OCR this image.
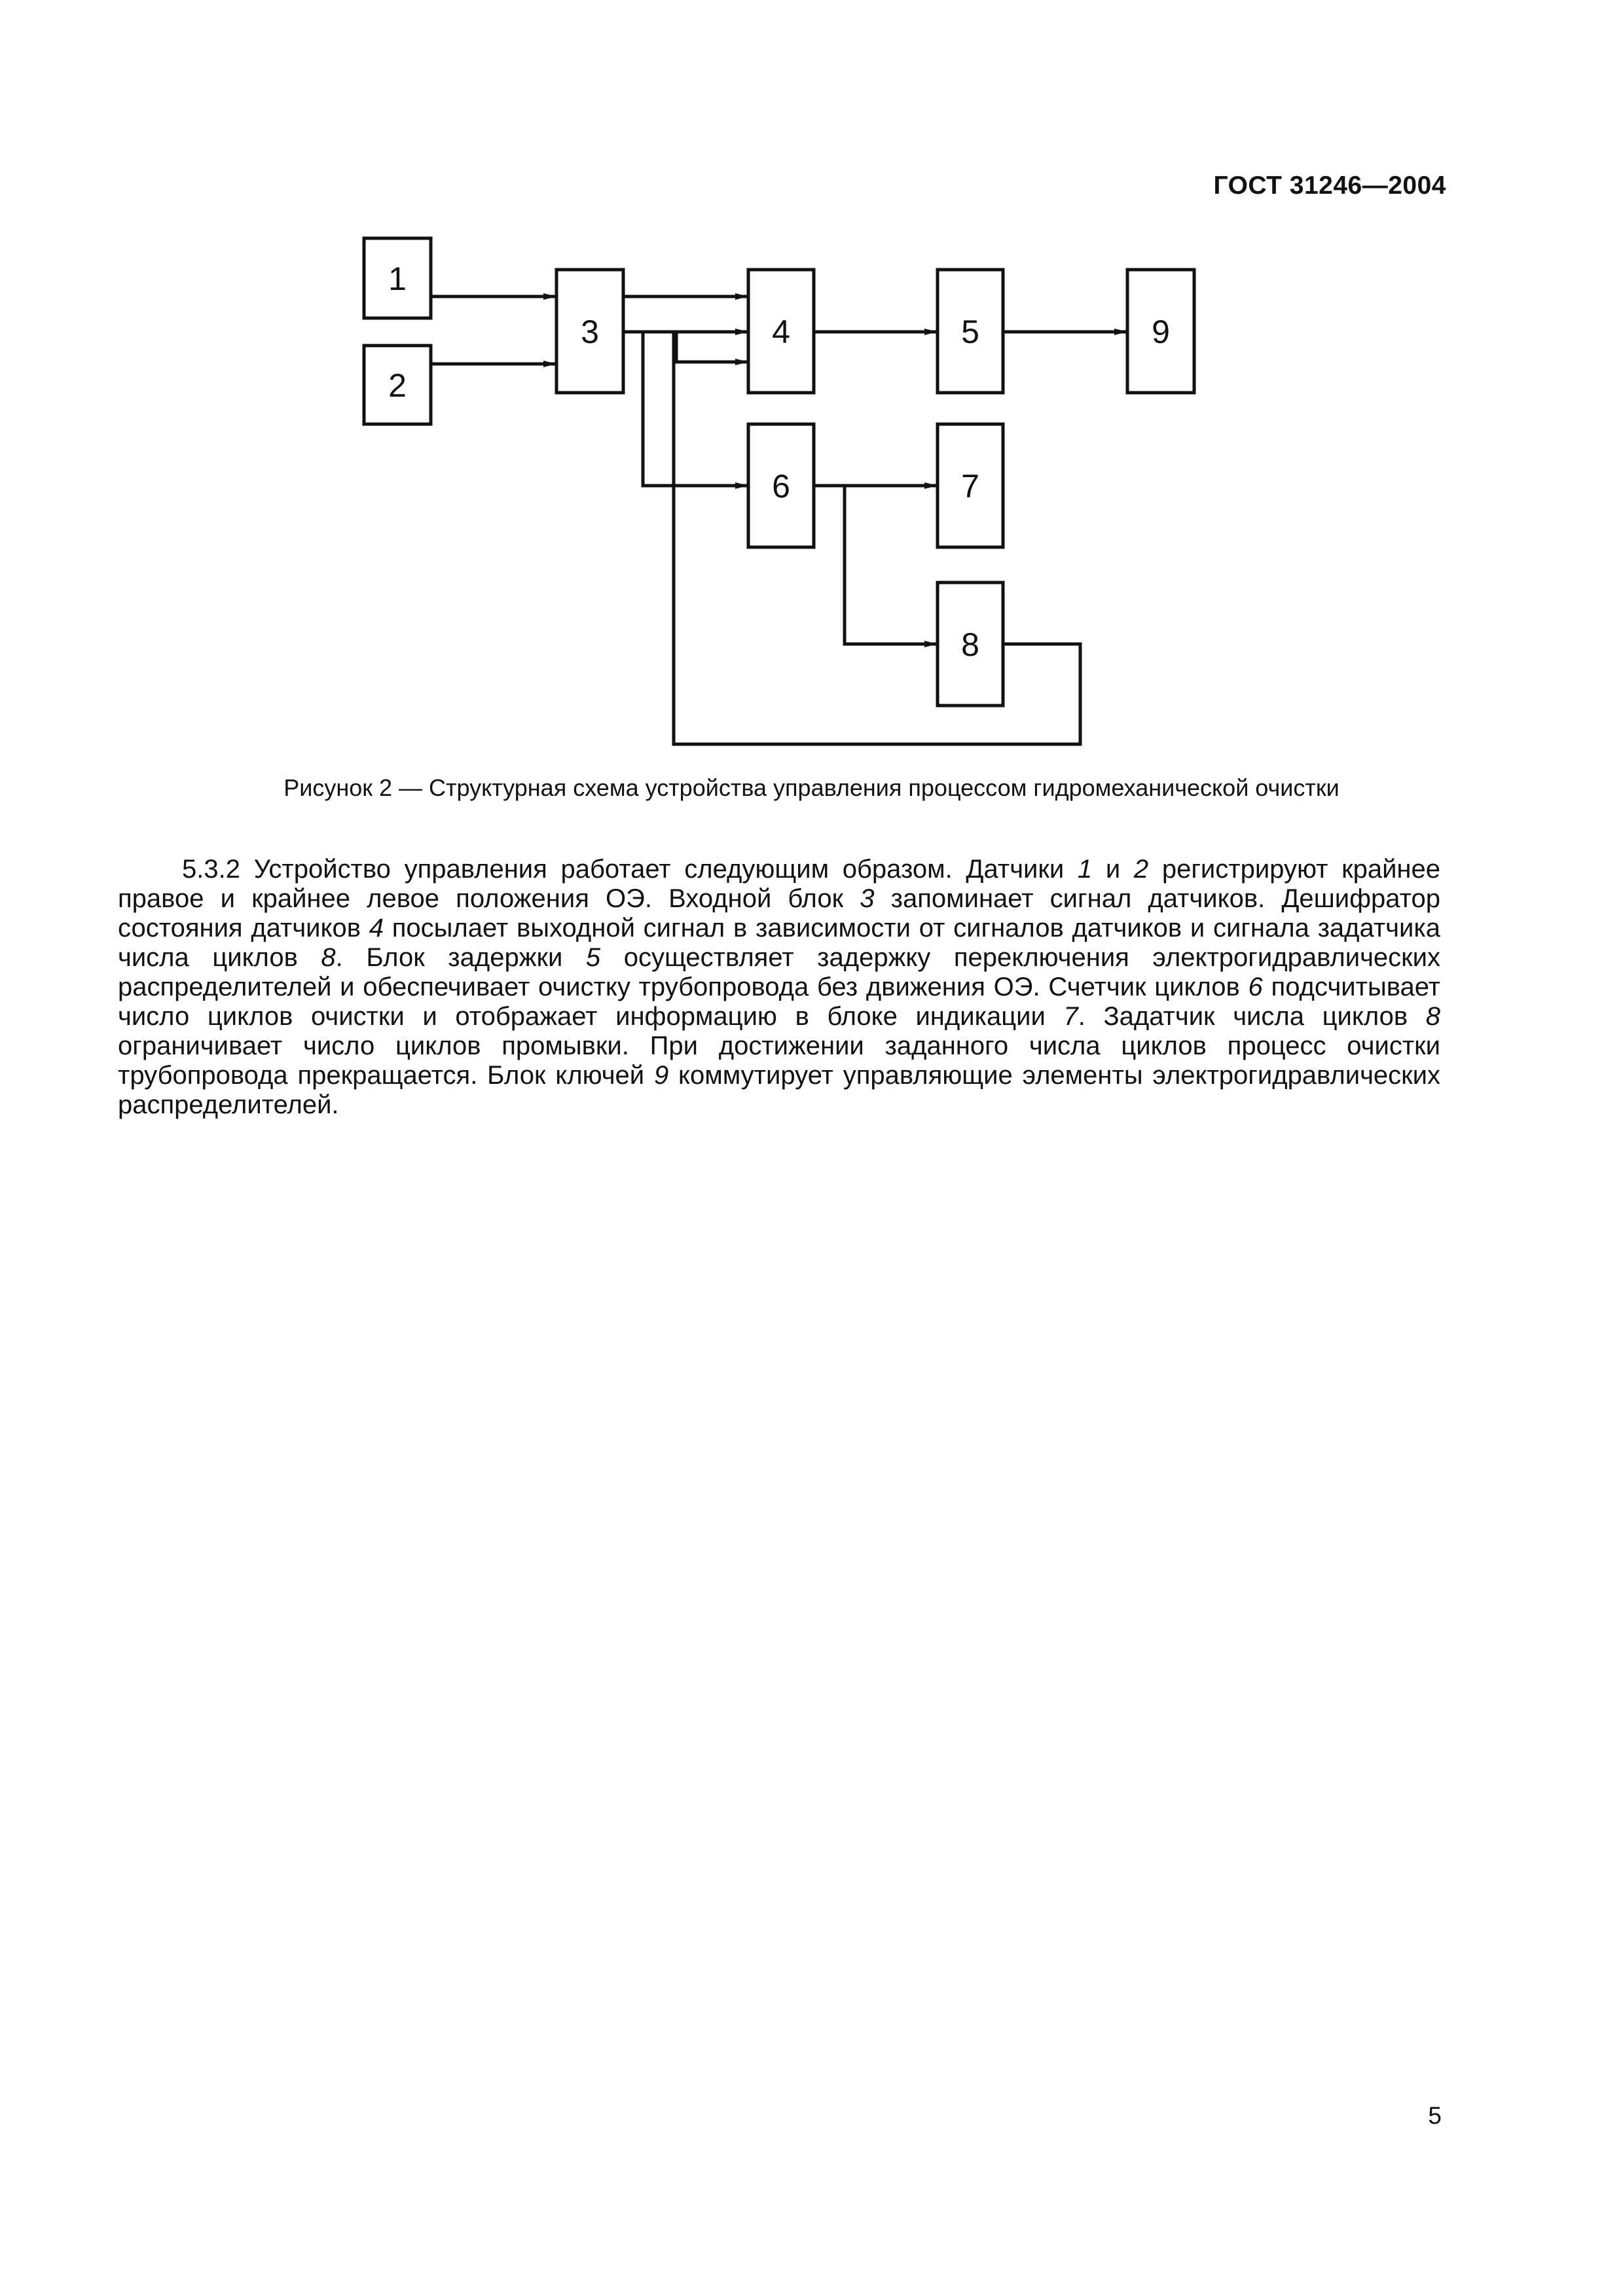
ГОСТ 31246—2004
1
2
3	4	5
6	7
8
9
Рисунок 2 — Структурная схема устройства управления процессом гидромеханической очистки

5.3.2 Устройство управления работает следующим образом. Датчики 1 и 2 регистрируют крайнее правое и крайнее левое положения ОЭ. Входной блок 3 запоминает сигнал датчиков. Дешифратор состояния датчиков 4 посылает выходной сигнал в зависимости от сигналов датчиков и сигнала задатчика числа циклов 8. Блок задержки 5 осуществляет задержку переключения электрогидравлических распределителей и обеспечивает очистку трубопровода без движения ОЭ. Счетчик циклов 6 подсчитывает число циклов очистки и отображает информацию в блоке индикации 7. Задатчик числа циклов 8 ограничивает число циклов промывки. При достижении заданного числа циклов процесс очистки трубопровода прекращается. Блок ключей 9 коммутирует управляющие элементы электрогидравлических распределителей.

5
